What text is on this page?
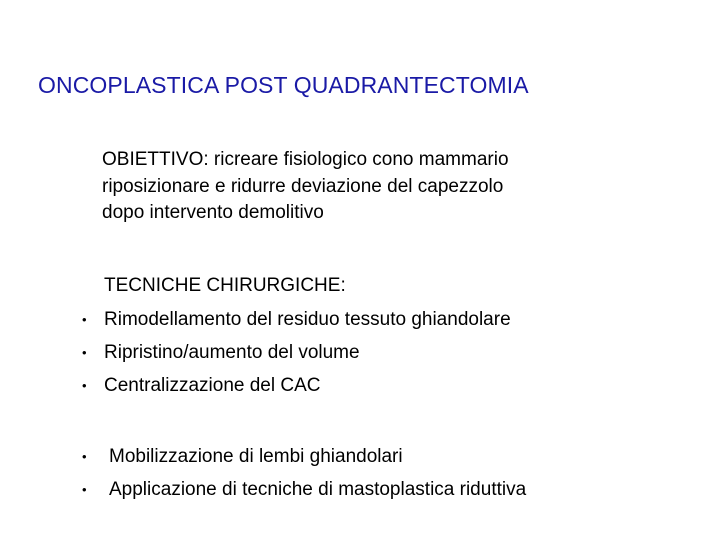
ONCOPLASTICA POST QUADRANTECTOMIA
OBIETTIVO: ricreare fisiologico cono mammario
riposizionare e ridurre deviazione del capezzolo
dopo intervento demolitivo
TECNICHE CHIRURGICHE:
• Rimodellamento del residuo tessuto ghiandolare
• Ripristino/aumento del volume
• Centralizzazione del CAC
• Mobilizzazione di lembi ghiandolari
• Applicazione di tecniche di mastoplastica riduttiva
